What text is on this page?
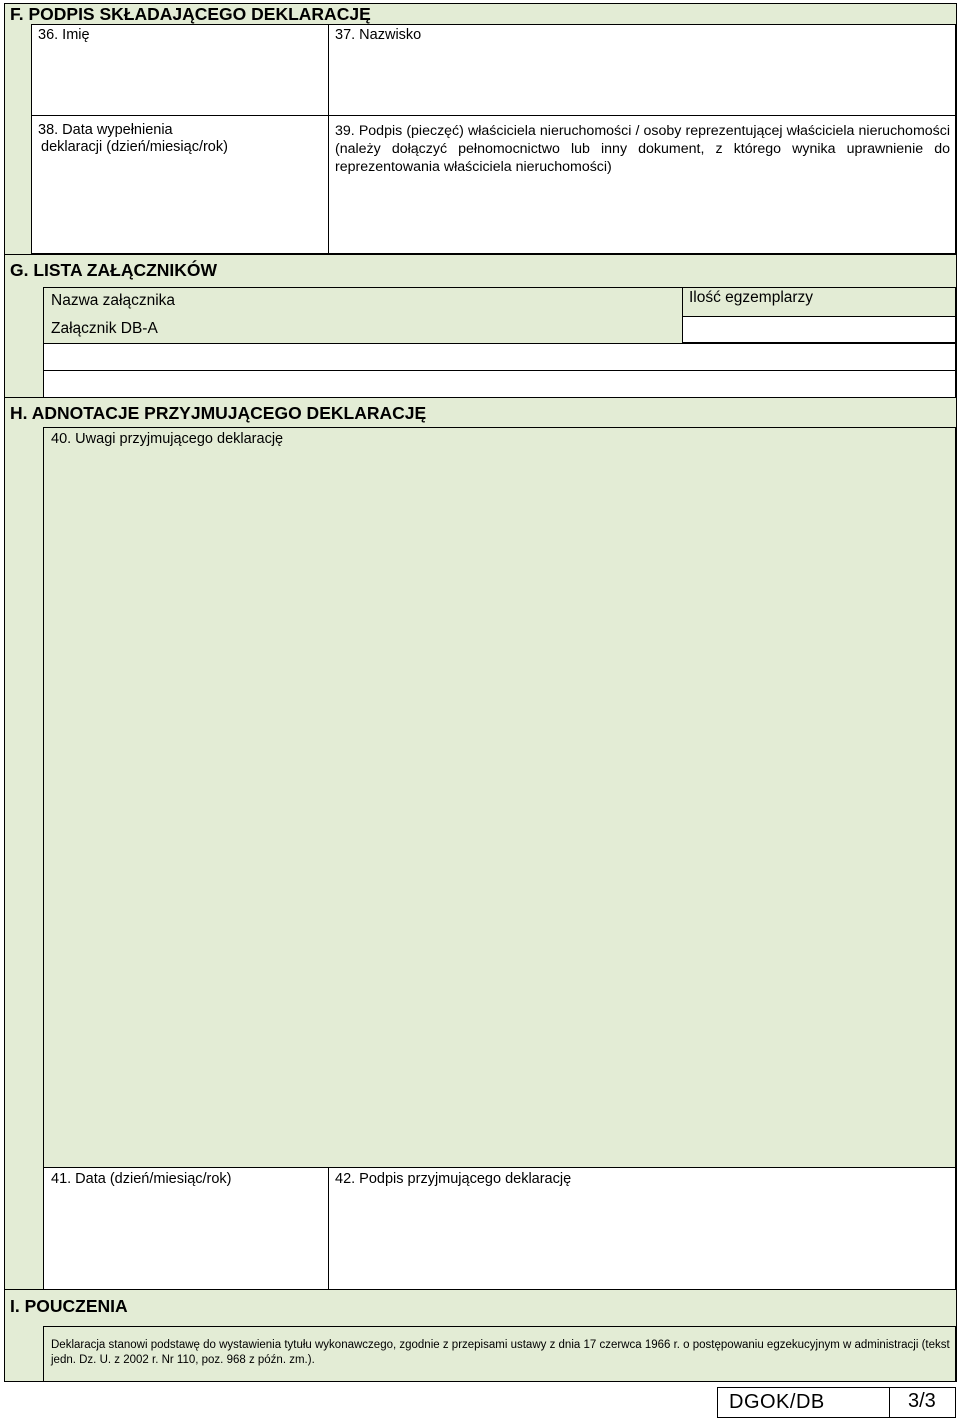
F. PODPIS SKŁADAJĄCEGO DEKLARACJĘ
36. Imię	37. Nazwisko
38. Data wypełnienia
deklaracji (dzień/miesiąc/rok)
39. Podpis (pieczęć) właściciela nieruchomości / osoby reprezentującej właściciela nieruchomości (należy dołączyć pełnomocnictwo lub inny dokument, z którego wynika uprawnienie do reprezentowania właściciela nieruchomości)
G. LISTA ZAŁĄCZNIKÓW
Nazwa załącznika	Ilość egzemplarzy
Załącznik DB-A
H. ADNOTACJE PRZYJMUJĄCEGO DEKLARACJĘ
40. Uwagi przyjmującego deklarację
41. Data (dzień/miesiąc/rok)	42. Podpis przyjmującego deklarację
I. POUCZENIA
Deklaracja stanowi podstawę do wystawienia tytułu wykonawczego, zgodnie z przepisami ustawy z dnia 17 czerwca 1966 r. o postępowaniu egzekucyjnym w administracji (tekst jedn. Dz. U. z 2002 r. Nr 110, poz. 968 z późn. zm.).
DGOK/DB	3/3
